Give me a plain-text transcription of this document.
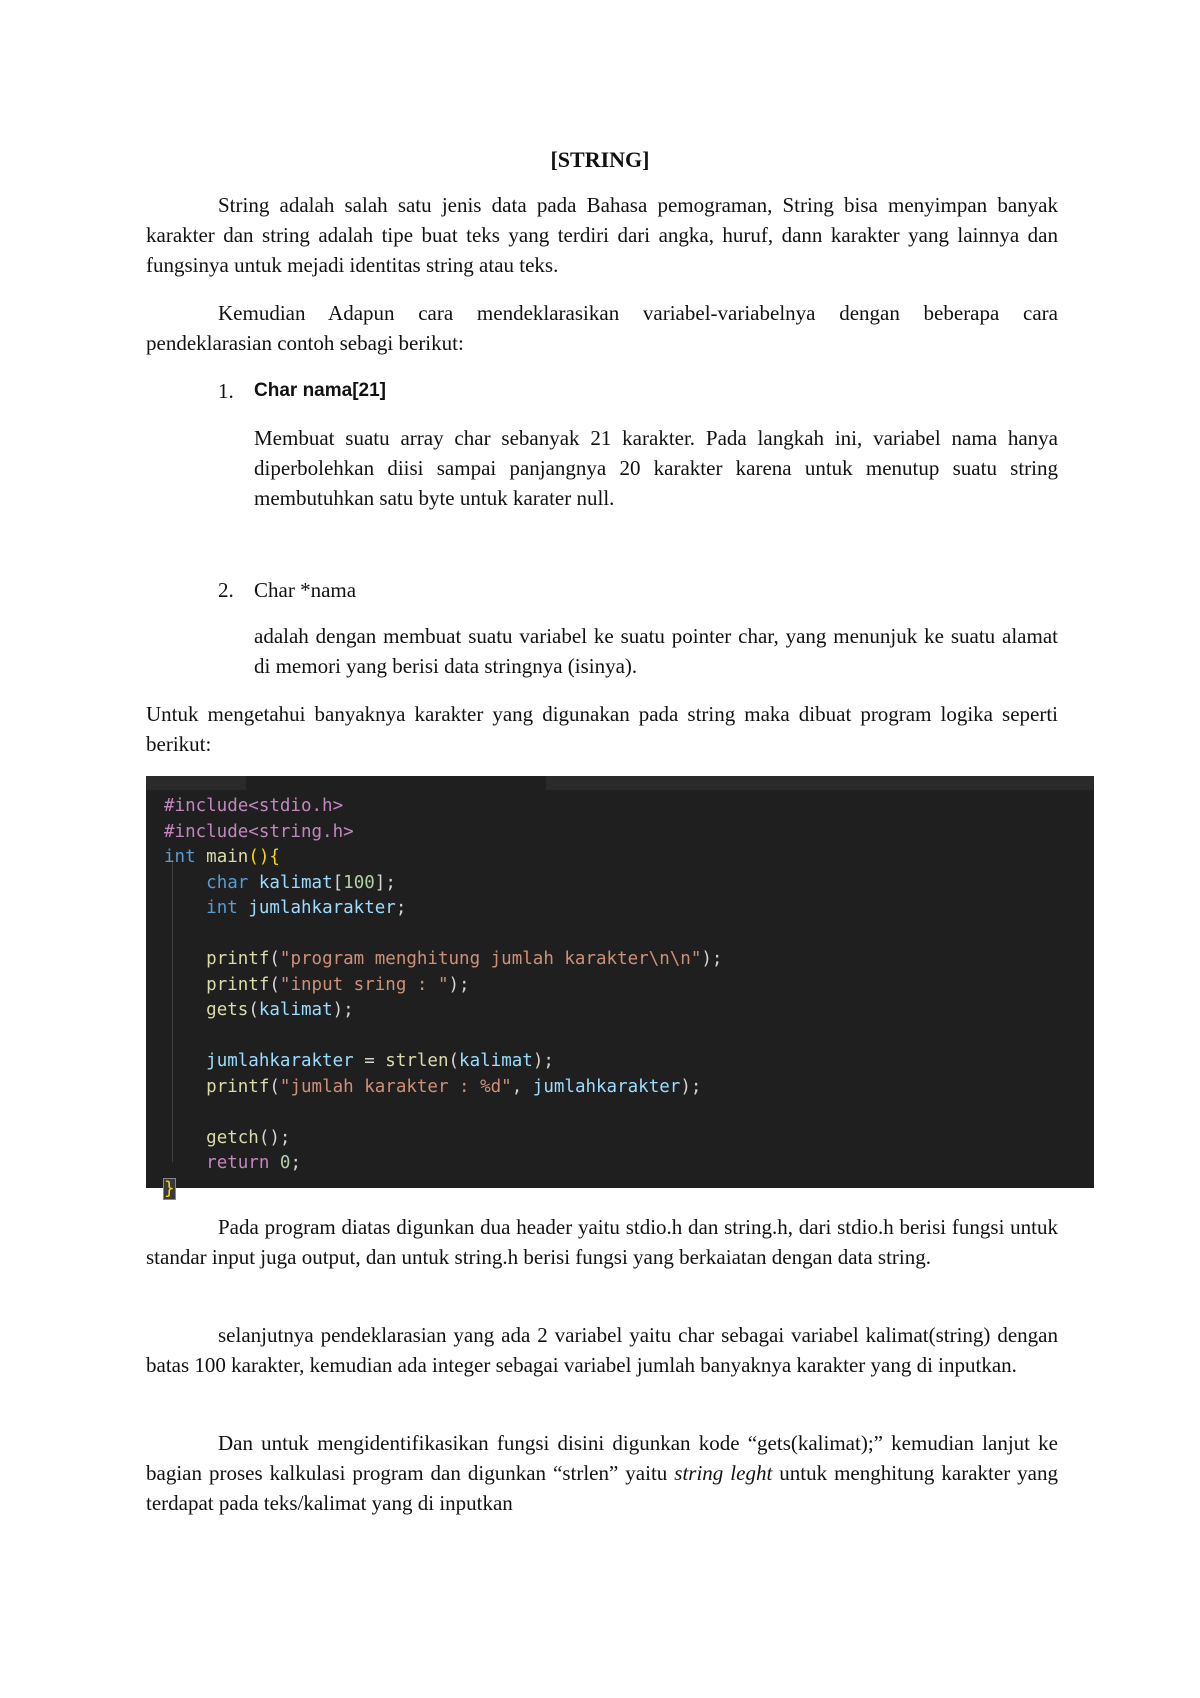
[STRING]

String adalah salah satu jenis data pada Bahasa pemograman, String bisa menyimpan banyak karakter dan string adalah tipe buat teks yang terdiri dari angka, huruf, dann karakter yang lainnya dan fungsinya untuk mejadi identitas string atau teks.

Kemudian Adapun cara mendeklarasikan variabel-variabelnya dengan beberapa cara pendeklarasian contoh sebagi berikut:

1. Char nama[21]

Membuat suatu array char sebanyak 21 karakter. Pada langkah ini, variabel nama hanya diperbolehkan diisi sampai panjangnya 20 karakter karena untuk menutup suatu string membutuhkan satu byte untuk karater null.

2. Char *nama

adalah dengan membuat suatu variabel ke suatu pointer char, yang menunjuk ke suatu alamat di memori yang berisi data stringnya (isinya).

Untuk mengetahui banyaknya karakter yang digunakan pada string maka dibuat program logika seperti berikut:

#include<stdio.h>
#include<string.h>
int main(){
char kalimat[100];
int jumlahkarakter;

printf("program menghitung jumlah karakter\n\n");
printf("input sring : ");
gets(kalimat);

jumlahkarakter = strlen(kalimat);
printf("jumlah karakter : %d", jumlahkarakter);

getch();
return 0;
}

Pada program diatas digunkan dua header yaitu stdio.h dan string.h, dari stdio.h berisi fungsi untuk standar input juga output, dan untuk string.h berisi fungsi yang berkaiatan dengan data string.

selanjutnya pendeklarasian yang ada 2 variabel yaitu char sebagai variabel kalimat(string) dengan batas 100 karakter, kemudian ada integer sebagai variabel jumlah banyaknya karakter yang di inputkan.

Dan untuk mengidentifikasikan fungsi disini digunkan kode “gets(kalimat);” kemudian lanjut ke bagian proses kalkulasi program dan digunkan “strlen” yaitu string leght untuk menghitung karakter yang terdapat pada teks/kalimat yang di inputkan
